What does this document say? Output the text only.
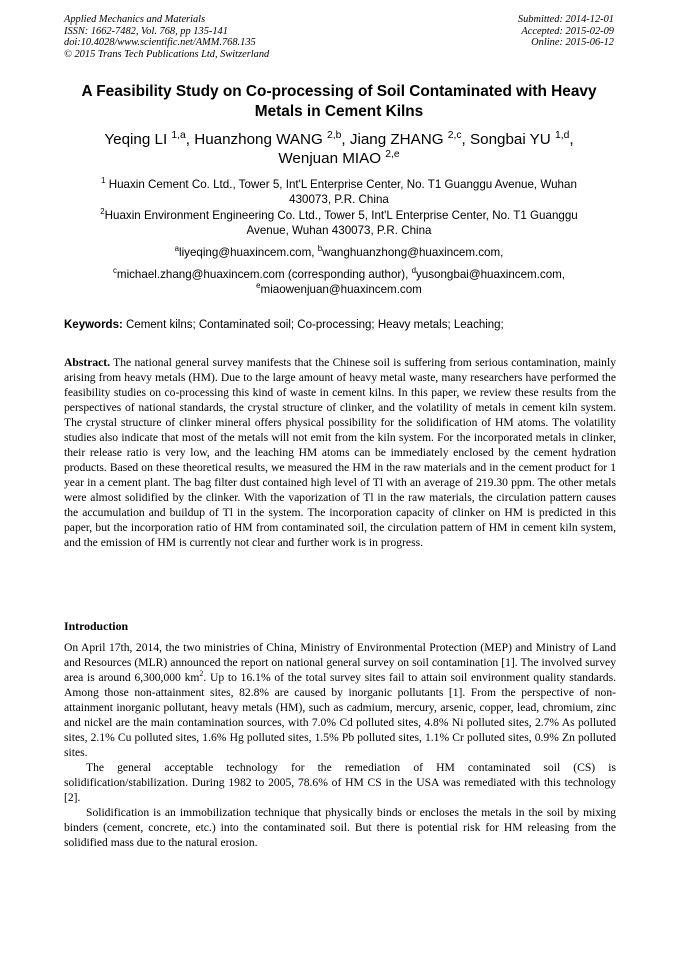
Applied Mechanics and Materials
ISSN: 1662-7482, Vol. 768, pp 135-141
doi:10.4028/www.scientific.net/AMM.768.135
© 2015 Trans Tech Publications Ltd, Switzerland
Submitted: 2014-12-01
Accepted: 2015-02-09
Online: 2015-06-12
A Feasibility Study on Co-processing of Soil Contaminated with Heavy
Metals in Cement Kilns
Yeqing LI $^{1,a}$, Huanzhong WANG $^{2,b}$, Jiang ZHANG $^{2,c}$, Songbai YU $^{1,d}$,
Wenjuan MIAO $^{2,e}$
$^1$ Huaxin Cement Co. Ltd., Tower 5, Int'L Enterprise Center, No. T1 Guanggu Avenue, Wuhan
430073, P.R. China
$^2$Huaxin Environment Engineering Co. Ltd., Tower 5, Int'L Enterprise Center, No. T1 Guanggu
Avenue, Wuhan 430073, P.R. China
$^a$liyeqing@huaxincem.com, $^b$wanghuanzhong@huaxincem.com,
$^c$michael.zhang@huaxincem.com (corresponding author), $^d$yusongbai@huaxincem.com,
$^e$miaowenjuan@huaxincem.com
Keywords: Cement kilns; Contaminated soil; Co-processing; Heavy metals; Leaching;
Abstract. The national general survey manifests that the Chinese soil is suffering from serious contamination, mainly arising from heavy metals (HM). Due to the large amount of heavy metal waste, many researchers have performed the feasibility studies on co-processing this kind of waste in cement kilns. In this paper, we review these results from the perspectives of national standards, the crystal structure of clinker, and the volatility of metals in cement kiln system. The crystal structure of clinker mineral offers physical possibility for the solidification of HM atoms. The volatility studies also indicate that most of the metals will not emit from the kiln system. For the incorporated metals in clinker, their release ratio is very low, and the leaching HM atoms can be immediately enclosed by the cement hydration products. Based on these theoretical results, we measured the HM in the raw materials and in the cement product for 1 year in a cement plant. The bag filter dust contained high level of Tl with an average of 219.30 ppm. The other metals were almost solidified by the clinker. With the vaporization of Tl in the raw materials, the circulation pattern causes the accumulation and buildup of Tl in the system. The incorporation capacity of clinker on HM is predicted in this paper, but the incorporation ratio of HM from contaminated soil, the circulation pattern of HM in cement kiln system, and the emission of HM is currently not clear and further work is in progress.
Introduction

On April 17th, 2014, the two ministries of China, Ministry of Environmental Protection (MEP) and Ministry of Land and Resources (MLR) announced the report on national general survey on soil contamination [1]. The involved survey area is around 6,300,000 $km^2$. Up to 16.1% of the total survey sites fail to attain soil environment quality standards. Among those non-attainment sites, 82.8% are caused by inorganic pollutants [1]. From the perspective of non-attainment inorganic pollutant, heavy metals (HM), such as cadmium, mercury, arsenic, copper, lead, chromium, zinc and nickel are the main contamination sources, with 7.0% Cd polluted sites, 4.8% Ni polluted sites, 2.7% As polluted sites, 2.1% Cu polluted sites, 1.6% Hg polluted sites, 1.5% Pb polluted sites, 1.1% Cr polluted sites, 0.9% Zn polluted sites.

The general acceptable technology for the remediation of HM contaminated soil (CS) is solidification/stabilization. During 1982 to 2005, 78.6% of HM CS in the USA was remediated with this technology [2].

Solidification is an immobilization technique that physically binds or encloses the metals in the soil by mixing binders (cement, concrete, etc.) into the contaminated soil. But there is potential risk for HM releasing from the solidified mass due to the natural erosion.
